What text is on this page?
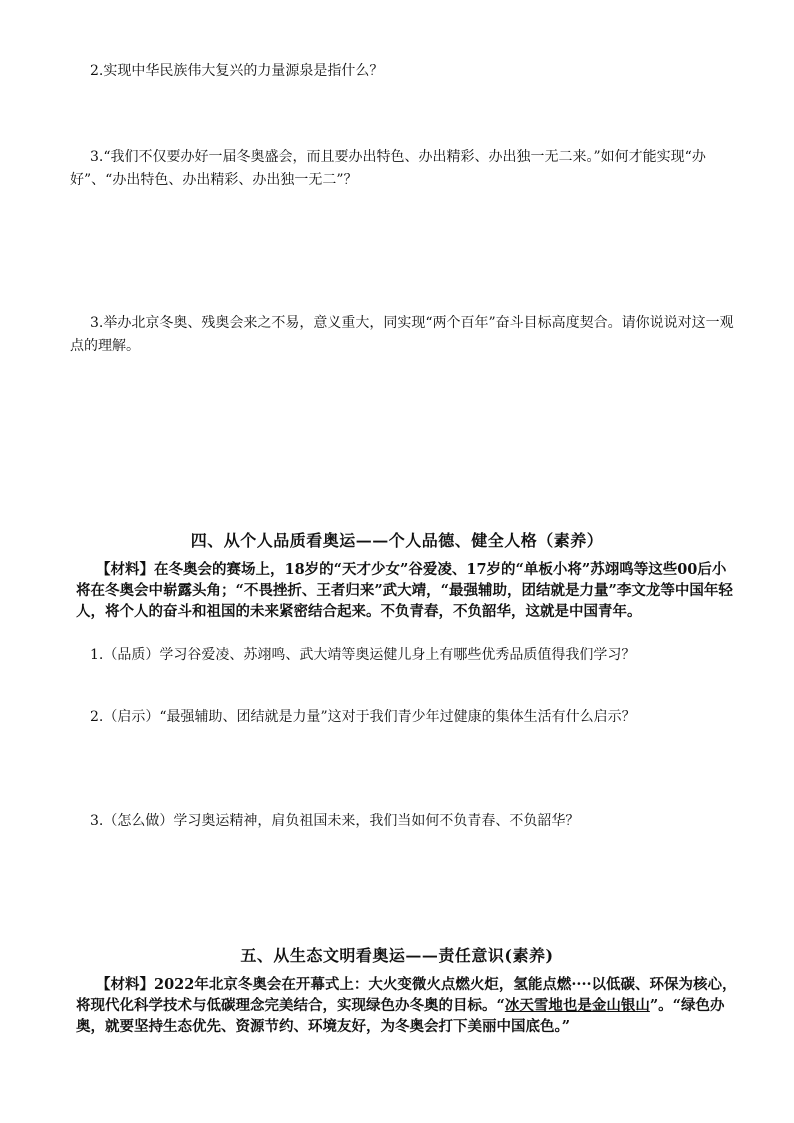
2.实现中华民族伟大复兴的力量源泉是指什么？
3.“我们不仅要办好一届冬奥盛会，而且要办出特色、办出精彩、办出独一无二来。”如何才能实现“办好”、“办出特色、办出精彩、办出独一无二”？
3.举办北京冬奥、残奥会来之不易，意义重大，同实现“两个百年”奋斗目标高度契合。请你说说对这一观点的理解。
四、从个人品质看奥运——个人品德、健全人格（素养）
【材料】在冬奥会的赛场上，18岁的“天才少女”谷爱凌、17岁的“单板小将”苏翊鸣等这些00后小将在冬奥会中崭露头角；“不畏挫折、王者归来”武大靖，“最强辅助，团结就是力量”李文龙等中国年轻人，将个人的奋斗和祖国的未来紧密结合起来。不负青春，不负韶华，这就是中国青年。
1.（品质）学习谷爱凌、苏翊鸣、武大靖等奥运健儿身上有哪些优秀品质值得我们学习？
2.（启示）“最强辅助、团结就是力量”这对于我们青少年过健康的集体生活有什么启示？
3.（怎么做）学习奥运精神，肩负祖国未来，我们当如何不负青春、不负韶华？
五、从生态文明看奥运——责任意识(素养)
【材料】2022年北京冬奥会在开幕式上：大火变微火点燃火炬，氢能点燃····以低碳、环保为核心，将现代化科学技术与低碳理念完美结合，实现绿色办冬奥的目标。“冰天雪地也是金山银山”。“绿色办奥，就要坚持生态优先、资源节约、环境友好，为冬奥会打下美丽中国底色。”
